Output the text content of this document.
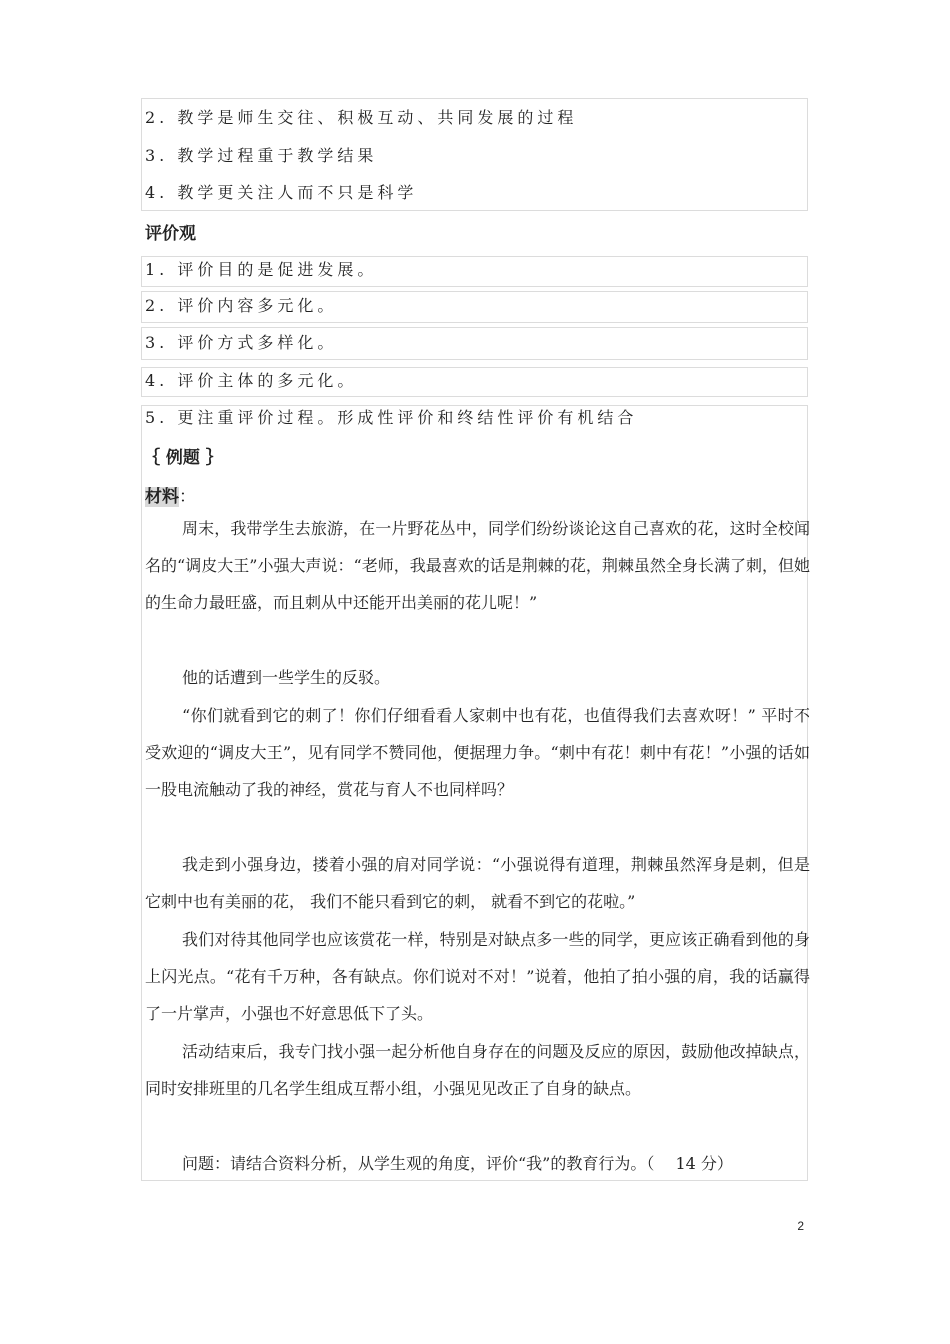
2. 教学是师生交往、积极互动、共同发展的过程
3. 教学过程重于教学结果
4. 教学更关注人而不只是科学
评价观
1. 评价目的是促进发展。
2. 评价内容多元化。
3. 评价方式多样化。
4. 评价主体的多元化。
5. 更注重评价过程。形成性评价和终结性评价有机结合
｛ 例题 ｝
材料：

周末，我带学生去旅游，在一片野花丛中，同学们纷纷谈论这自己喜欢的花，这时全校闻名的“调皮大王”小强大声说：“老师，我最喜欢的话是荆棘的花，荆棘虽然全身长满了刺，但她的生命力最旺盛，而且刺从中还能开出美丽的花儿呢！”

他的话遭到一些学生的反驳。

“你们就看到它的刺了！你们仔细看看人家刺中也有花，也值得我们去喜欢呀！” 平时不受欢迎的“调皮大王”，见有同学不赞同他，便据理力争。“刺中有花！刺中有花！”小强的话如一股电流触动了我的神经，赏花与育人不也同样吗？

我走到小强身边，搂着小强的肩对同学说：“小强说得有道理，荆棘虽然浑身是刺，但是它刺中也有美丽的花， 我们不能只看到它的刺， 就看不到它的花啦。”

我们对待其他同学也应该赏花一样，特别是对缺点多一些的同学，更应该正确看到他的身上闪光点。“花有千万种，各有缺点。你们说对不对！”说着，他拍了拍小强的肩，我的话赢得了一片掌声，小强也不好意思低下了头。

活动结束后，我专门找小强一起分析他自身存在的问题及反应的原因，鼓励他改掉缺点，同时安排班里的几名学生组成互帮小组，小强见见改正了自身的缺点。

问题：请结合资料分析，从学生观的角度，评价“我”的教育行为。（　 14 分）

2
